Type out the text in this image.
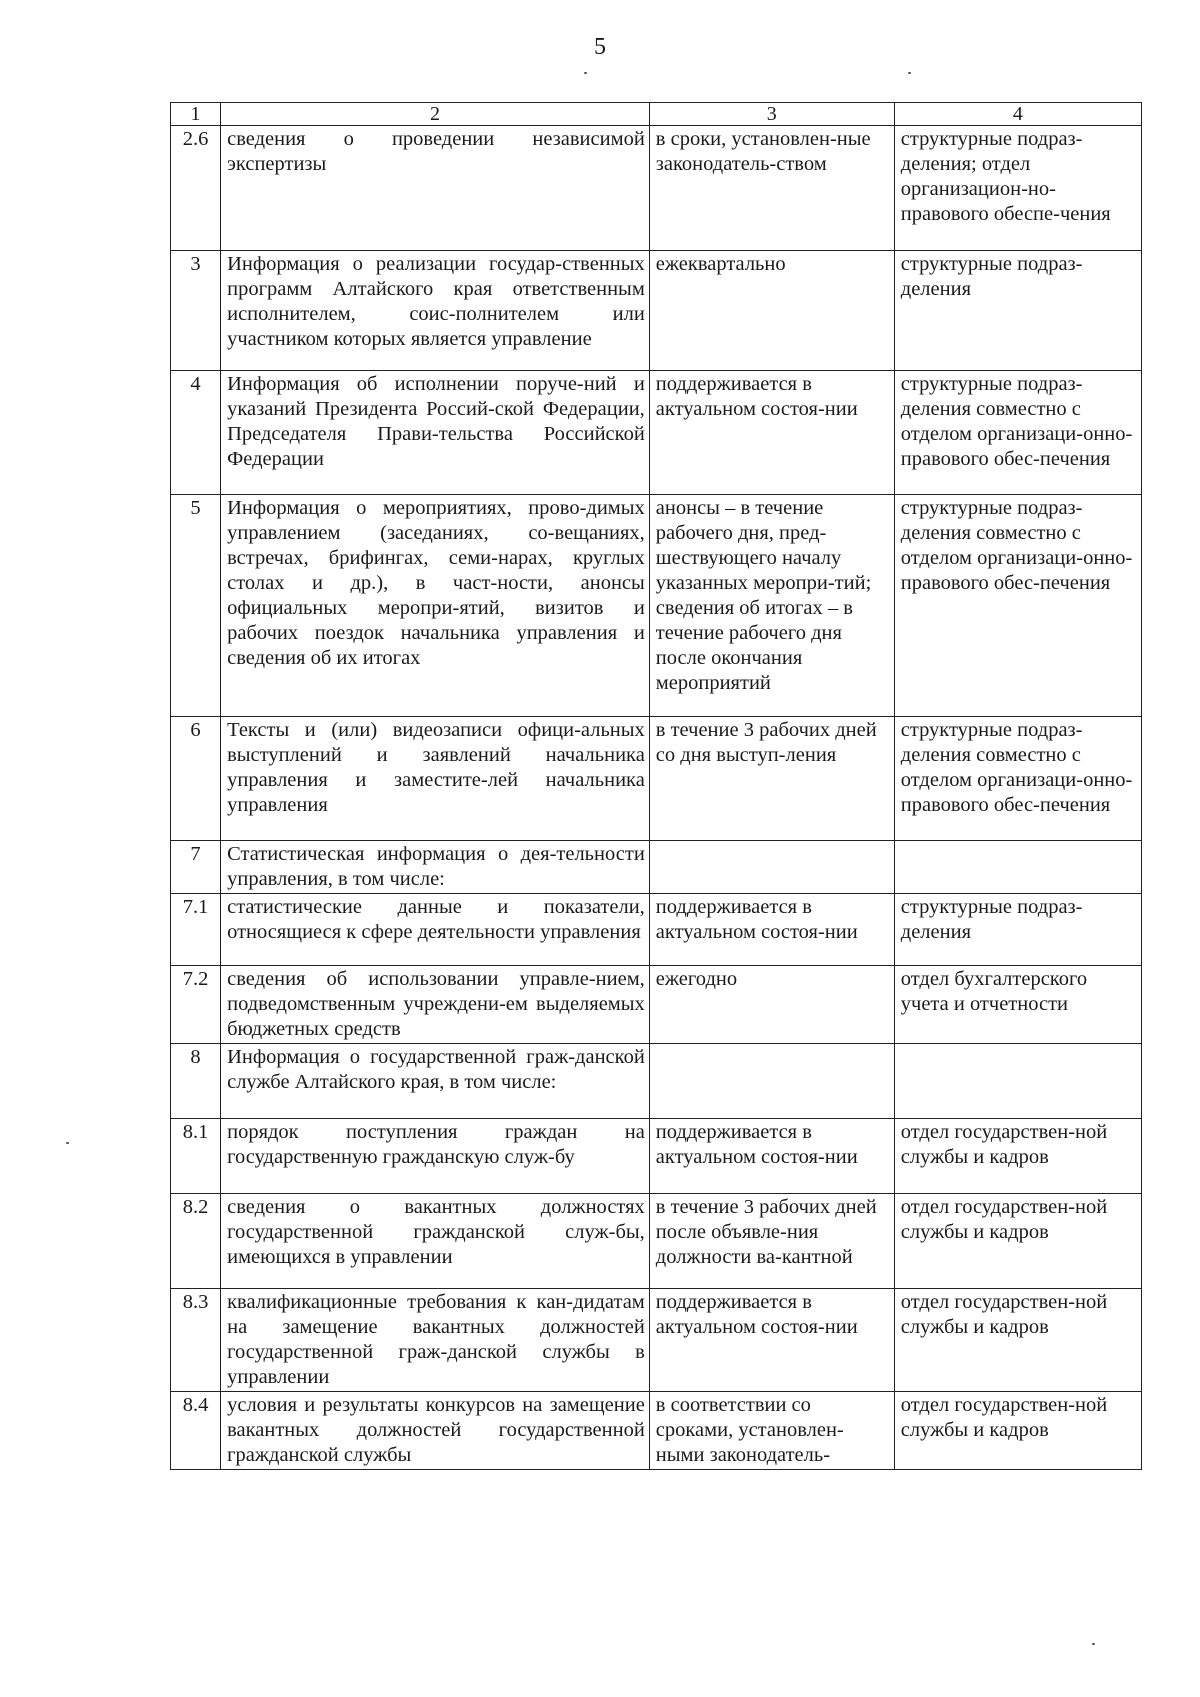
5
1	2	3	4
2.6	сведения о проведении независимой экспертизы	в сроки, установлен-ные законодатель-ством	структурные подраз-деления; отдел организацион-но-правового обеспе-чения
3	Информация о реализации государ-ственных программ Алтайского края ответственным исполнителем, соис-полнителем или участником которых является управление	ежеквартально	структурные подраз-деления
4	Информация об исполнении поруче-ний и указаний Президента Россий-ской Федерации, Председателя Прави-тельства Российской Федерации	поддерживается в актуальном состоя-нии	структурные подраз-деления совместно с отделом организаци-онно-правового обес-печения
5	Информация о мероприятиях, прово-димых управлением (заседаниях, со-вещаниях, встречах, брифингах, семи-нарах, круглых столах и др.), в част-ности, анонсы официальных меропри-ятий, визитов и рабочих поездок начальника управления и сведения об их итогах	анонсы – в течение рабочего дня, пред-шествующего началу указанных меропри-тий; сведения об итогах – в течение рабочего дня после окончания мероприятий	структурные подраз-деления совместно с отделом организаци-онно-правового обес-печения
6	Тексты и (или) видеозаписи офици-альных выступлений и заявлений начальника управления и заместите-лей начальника управления	в течение 3 рабочих дней со дня выступ-ления	структурные подраз-деления совместно с отделом организаци-онно-правового обес-печения
7	Статистическая информация о дея-тельности управления, в том числе:		
7.1	статистические данные и показатели, относящиеся к сфере деятельности управления	поддерживается в актуальном состоя-нии	структурные подраз-деления
7.2	сведения об использовании управле-нием, подведомственным учреждени-ем выделяемых бюджетных средств	ежегодно	отдел бухгалтерского учета и отчетности
8	Информация о государственной граж-данской службе Алтайского края, в том числе:		
8.1	порядок поступления граждан на государственную гражданскую служ-бу	поддерживается в актуальном состоя-нии	отдел государствен-ной службы и кадров
8.2	сведения о вакантных должностях государственной гражданской служ-бы, имеющихся в управлении	в течение 3 рабочих дней после объявле-ния должности ва-кантной	отдел государствен-ной службы и кадров
8.3	квалификационные требования к кан-дидатам на замещение вакантных должностей государственной граж-данской службы в управлении	поддерживается в актуальном состоя-нии	отдел государствен-ной службы и кадров
8.4	условия и результаты конкурсов на замещение вакантных должностей государственной гражданской службы	в соответствии со сроками, установлен-ными законодатель-	отдел государствен-ной службы и кадров
